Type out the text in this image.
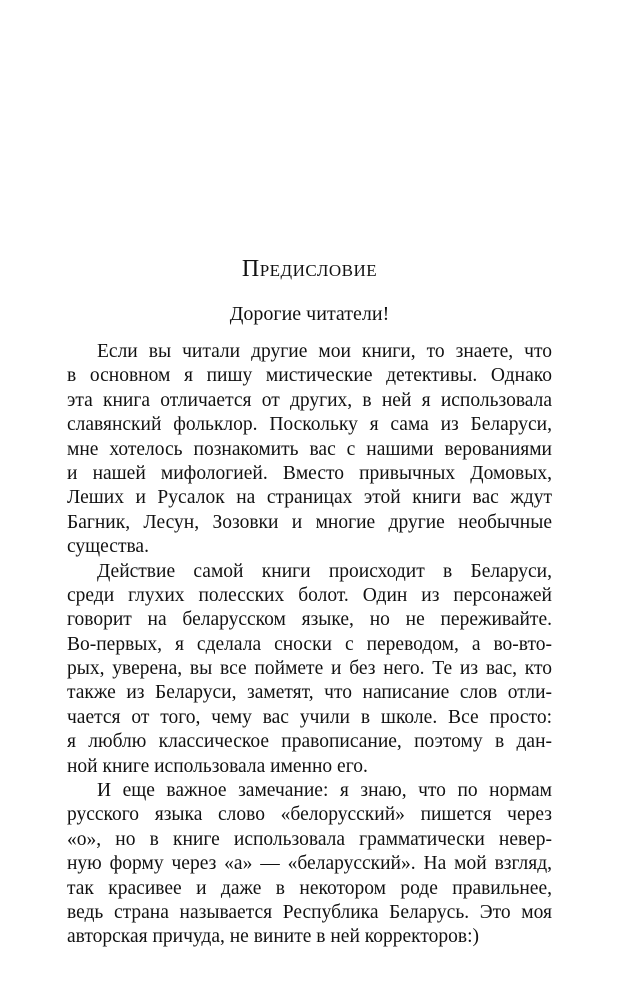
Предисловие

Дорогие читатели!

Если вы читали другие мои книги, то знаете, что
в основном я пишу мистические детективы. Однако
эта книга отличается от других, в ней я использовала
славянский фольклор. Поскольку я сама из Беларуси,
мне хотелось познакомить вас с нашими верованиями
и нашей мифологией. Вместо привычных Домовых,
Леших и Русалок на страницах этой книги вас ждут
Багник, Лесун, Зозовки и многие другие необычные
существа.
Действие самой книги происходит в Беларуси,
среди глухих полесских болот. Один из персонажей
говорит на беларусском языке, но не переживайте.
Во-первых, я сделала сноски с переводом, а во-вто-
рых, уверена, вы все поймете и без него. Те из вас, кто
также из Беларуси, заметят, что написание слов отли-
чается от того, чему вас учили в школе. Все просто:
я люблю классическое правописание, поэтому в дан-
ной книге использовала именно его.
И еще важное замечание: я знаю, что по нормам
русского языка слово «белорусский» пишется через
«о», но в книге использовала грамматически невер-
ную форму через «а» — «беларусский». На мой взгляд,
так красивее и даже в некотором роде правильнее,
ведь страна называется Республика Беларусь. Это моя
авторская причуда, не вините в ней корректоров:)
